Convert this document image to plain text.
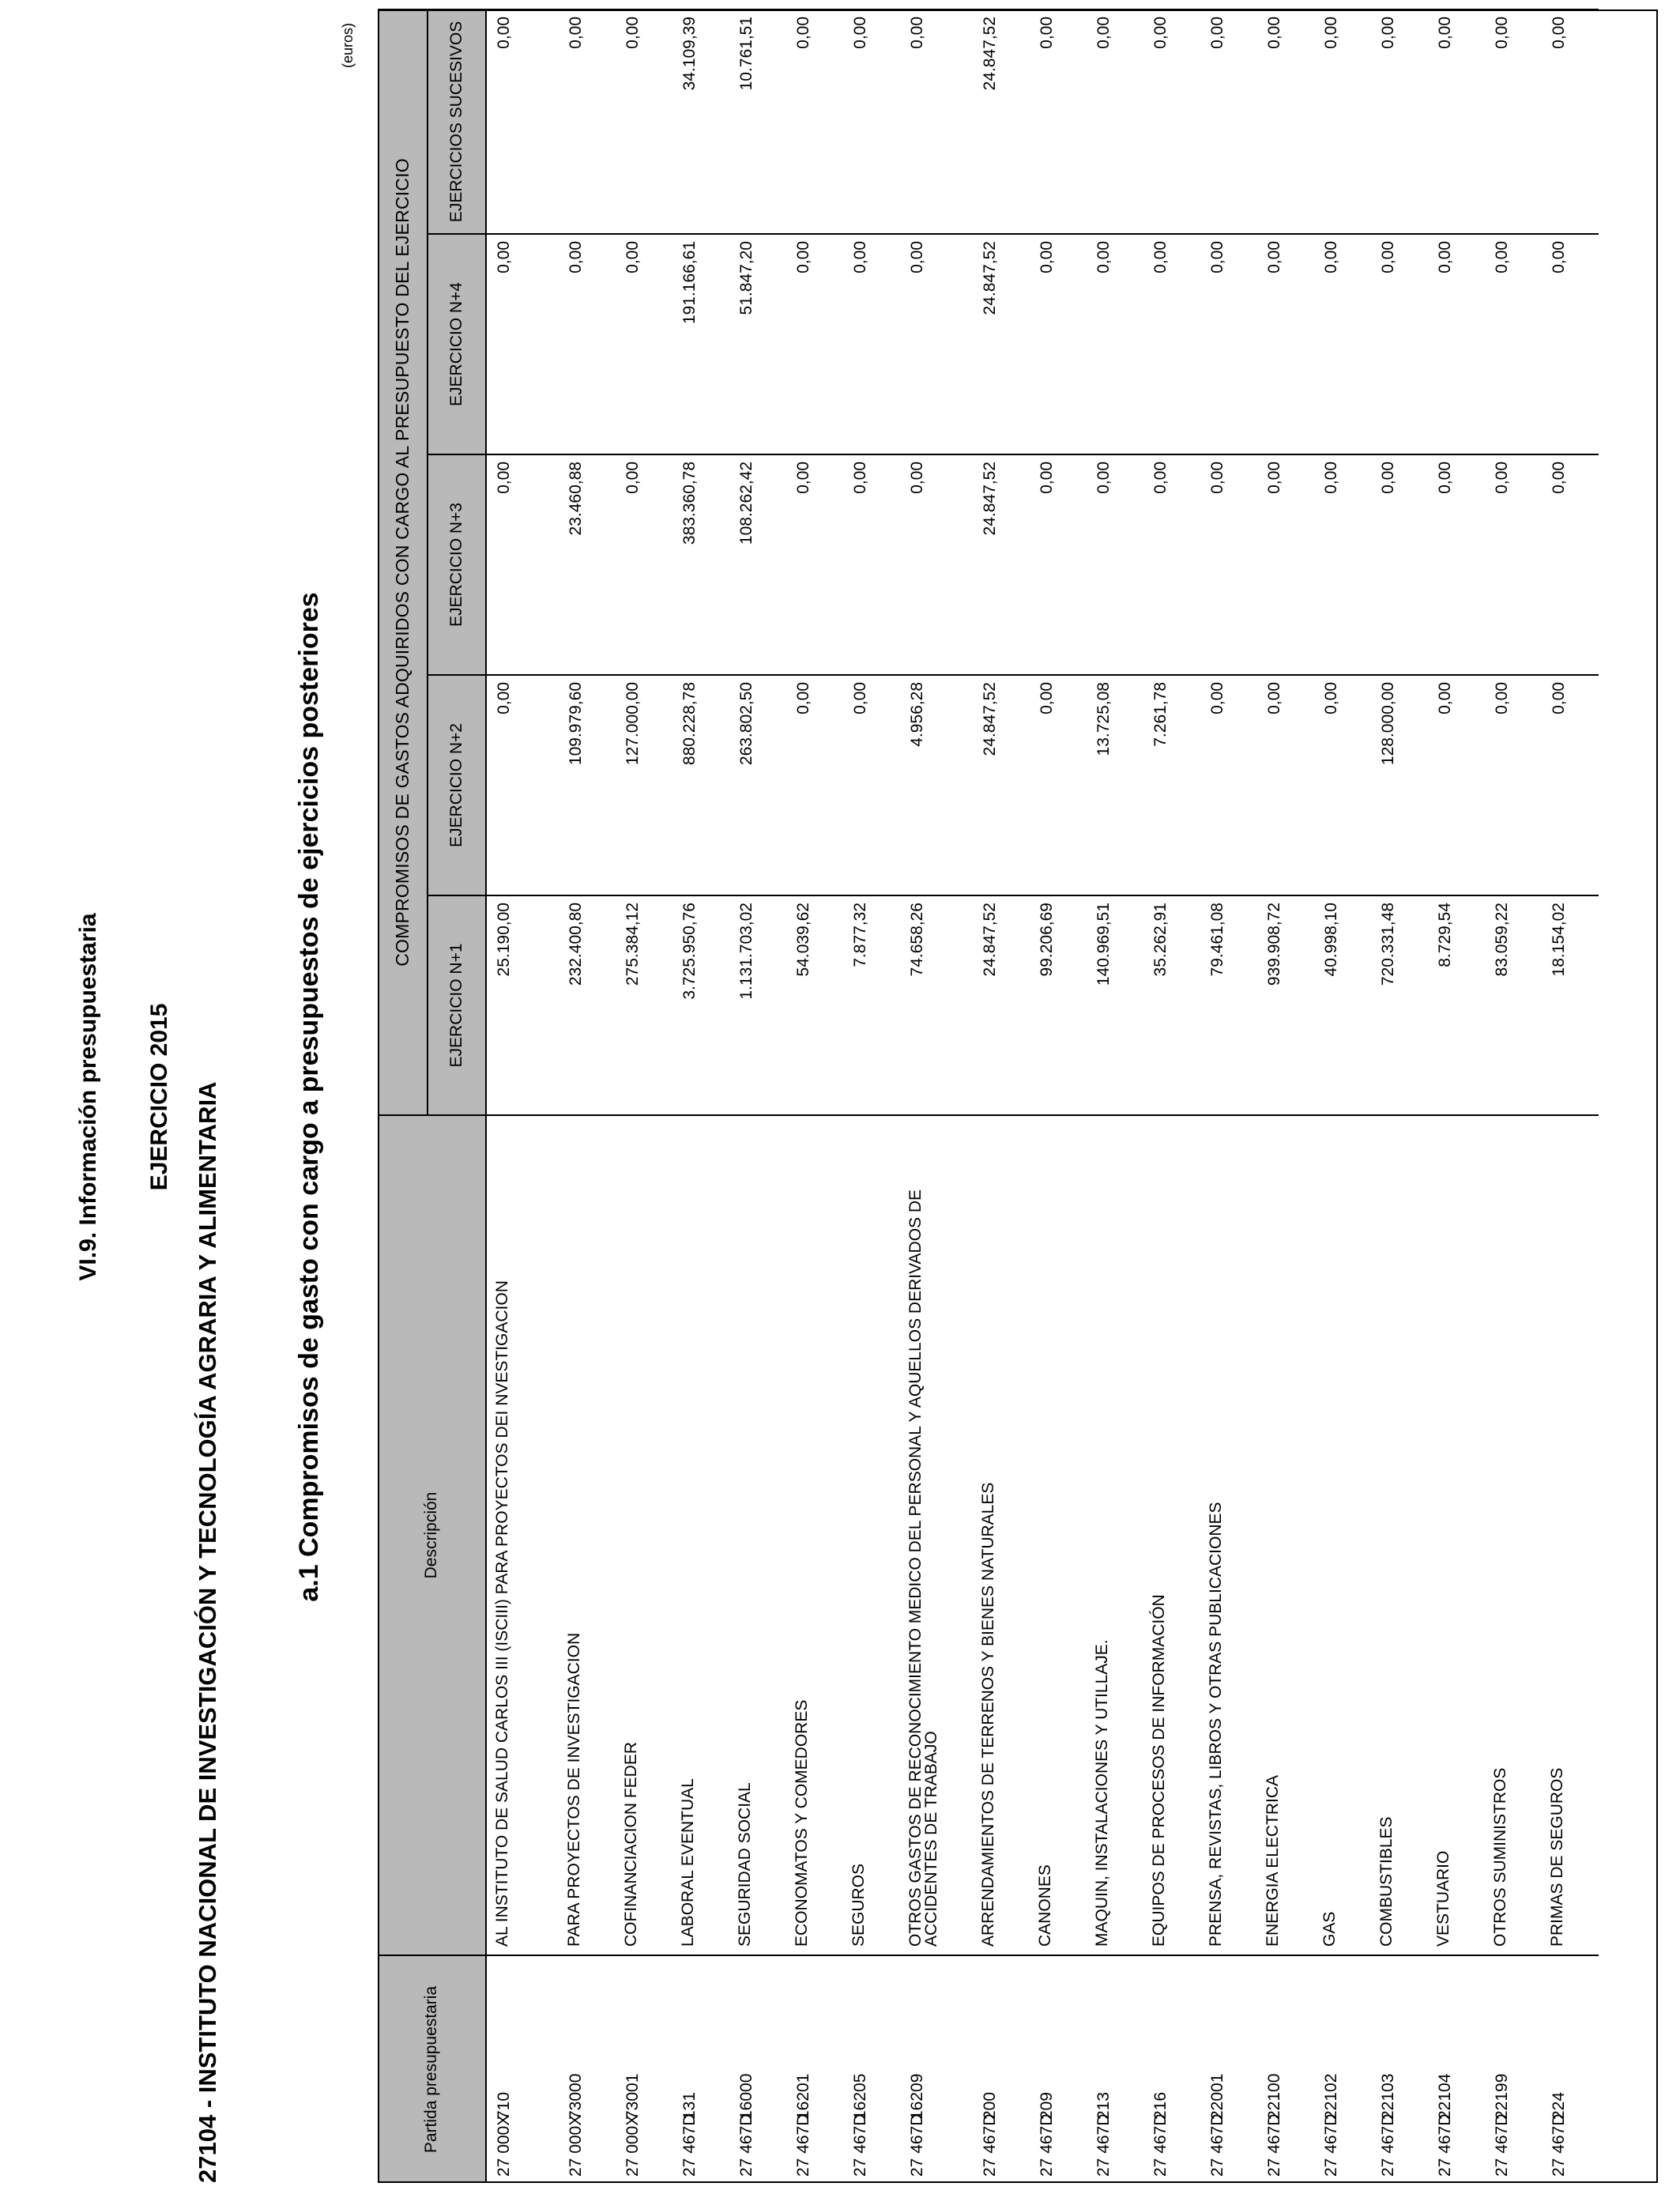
VI.9. Información presupuestaria EJERCICIO 2015 27104 - INSTITUTO NACIONAL DE INVESTIGACIÓN Y TECNOLOGÍA AGRARIA Y ALIMENTARIA	a.1 Compromisos de gasto con cargo a presupuestos de ejercicios posteriores
(euros)
Partida presupuestaria	Descripción	COMPROMISOS DE GASTOS ADQUIRIDOS CON CARGO AL PRESUPUESTO DEL EJERCICIO				
		EJERCICIO N+1	EJERCICIO N+2	EJERCICIO N+3	EJERCICIO N+4	EJERCICIOS SUCESIVOS
27 000X710	AL INSTITUTO DE SALUD CARLOS III (ISCIII) PARA PROYECTOS DEI NVESTIGACION	25.190,00	0,00	0,00	0,00	0,00
27 000X73000	PARA PROYECTOS DE INVESTIGACION	232.400,80	109.979,60	23.460,88	0,00	0,00
27 000X73001	COFINANCIACION FEDER	275.384,12	127.000,00	0,00	0,00	0,00
27 467D131	LABORAL EVENTUAL	3.725.950,76	880.228,78	383.360,78	191.166,61	34.109,39
27 467D16000	SEGURIDAD SOCIAL	1.131.703,02	263.802,50	108.262,42	51.847,20	10.761,51
27 467D16201	ECONOMATOS Y COMEDORES	54.039,62	0,00	0,00	0,00	0,00
27 467D16205	SEGUROS	7.877,32	0,00	0,00	0,00	0,00
27 467D16209	OTROS GASTOS DE RECONOCIMIENTO MEDICO DEL PERSONAL Y AQUELLOS DERIVADOS DE ACCIDENTES DE TRABAJO	74.658,26	4.956,28	0,00	0,00	0,00
27 467D200	ARRENDAMIENTOS DE TERRENOS Y BIENES NATURALES	24.847,52	24.847,52	24.847,52	24.847,52	24.847,52
27 467D209	CANONES	99.206,69	0,00	0,00	0,00	0,00
27 467D213	MAQUIN, INSTALACIONES Y UTILLAJE.	140.969,51	13.725,08	0,00	0,00	0,00
27 467D216	EQUIPOS DE PROCESOS DE INFORMACIÓN	35.262,91	7.261,78	0,00	0,00	0,00
27 467D22001	PRENSA, REVISTAS, LIBROS Y OTRAS PUBLICACIONES	79.461,08	0,00	0,00	0,00	0,00
27 467D22100	ENERGIA ELECTRICA	939.908,72	0,00	0,00	0,00	0,00
27 467D22102	GAS	40.998,10	0,00	0,00	0,00	0,00
27 467D22103	COMBUSTIBLES	720.331,48	128.000,00	0,00	0,00	0,00
27 467D22104	VESTUARIO	8.729,54	0,00	0,00	0,00	0,00
27 467D22199	OTROS SUMINISTROS	83.059,22	0,00	0,00	0,00	0,00
27 467D224	PRIMAS DE SEGUROS	18.154,02	0,00	0,00	0,00	0,00
